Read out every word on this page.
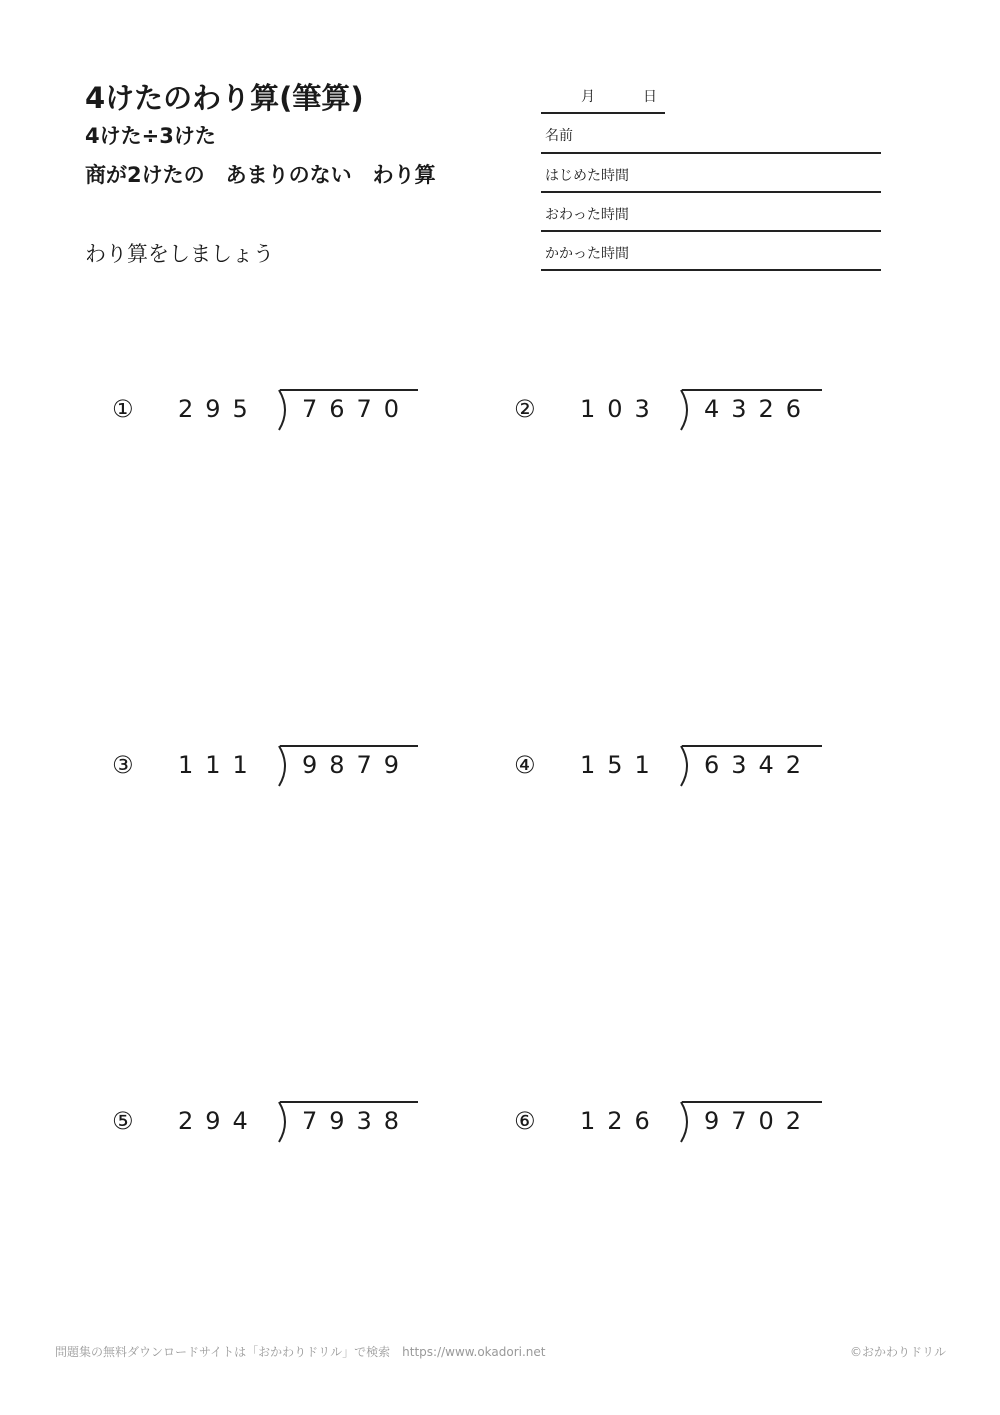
4けたのわり算(筆算)
4けた÷3けた
商が2けたの　あまりのない　わり算
わり算をしましょう
月	日
名前
はじめた時間
おわった時間
かかった時間
① 295 7670	② 103 4326
③ 111 9879	④ 151 6342
⑤ 294 7938	⑥ 126 9702
問題集の無料ダウンロードサイトは「おかわりドリル」で検索　https://www.okadori.net	©おかわりドリル
